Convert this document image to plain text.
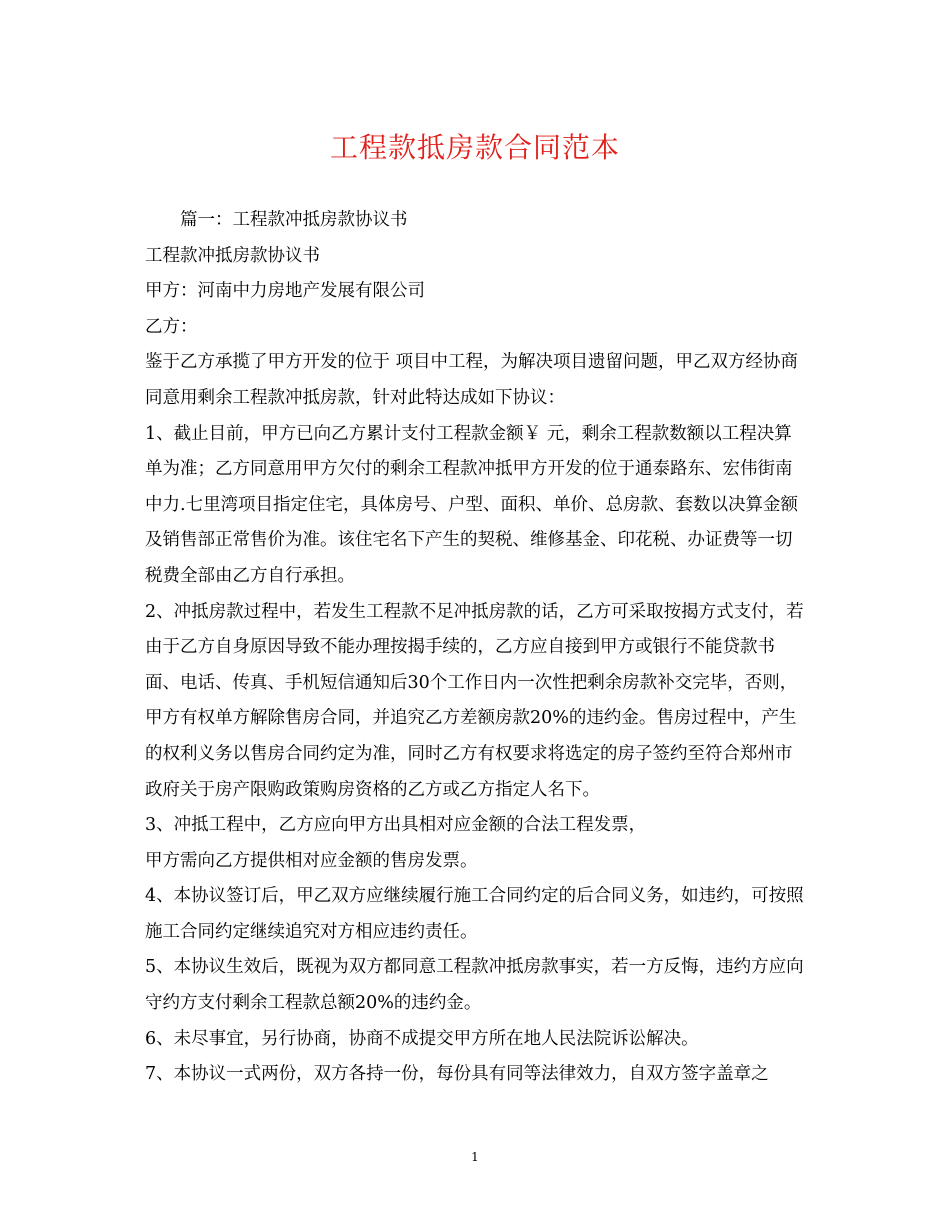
工程款抵房款合同范本

篇一：工程款冲抵房款协议书

工程款冲抵房款协议书

甲方：河南中力房地产发展有限公司

乙方：

鉴于乙方承揽了甲方开发的位于 项目中工程，为解决项目遗留问题，甲乙双方经协商同意用剩余工程款冲抵房款，针对此特达成如下协议：

1、截止目前，甲方已向乙方累计支付工程款金额￥ 元，剩余工程款数额以工程决算单为准；乙方同意用甲方欠付的剩余工程款冲抵甲方开发的位于通泰路东、宏伟街南中力.七里湾项目指定住宅，具体房号、户型、面积、单价、总房款、套数以决算金额及销售部正常售价为准。该住宅名下产生的契税、维修基金、印花税、办证费等一切税费全部由乙方自行承担。

2、冲抵房款过程中，若发生工程款不足冲抵房款的话，乙方可采取按揭方式支付，若由于乙方自身原因导致不能办理按揭手续的，乙方应自接到甲方或银行不能贷款书面、电话、传真、手机短信通知后30个工作日内一次性把剩余房款补交完毕，否则，甲方有权单方解除售房合同，并追究乙方差额房款20%的违约金。售房过程中，产生的权利义务以售房合同约定为准，同时乙方有权要求将选定的房子签约至符合郑州市政府关于房产限购政策购房资格的乙方或乙方指定人名下。

3、冲抵工程中，乙方应向甲方出具相对应金额的合法工程发票，

甲方需向乙方提供相对应金额的售房发票。

4、本协议签订后，甲乙双方应继续履行施工合同约定的后合同义务，如违约，可按照施工合同约定继续追究对方相应违约责任。

5、本协议生效后，既视为双方都同意工程款冲抵房款事实，若一方反悔，违约方应向守约方支付剩余工程款总额20%的违约金。

6、未尽事宜，另行协商，协商不成提交甲方所在地人民法院诉讼解决。

7、本协议一式两份，双方各持一份，每份具有同等法律效力，自双方签字盖章之

1
